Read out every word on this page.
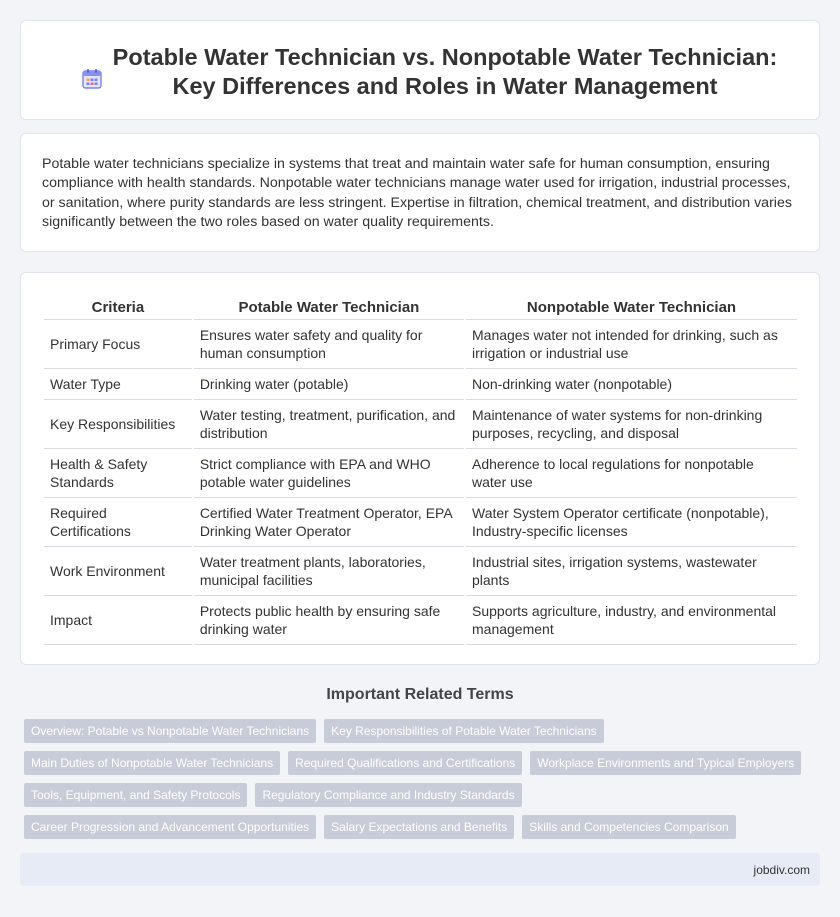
Potable Water Technician vs. Nonpotable Water Technician: Key Differences and Roles in Water Management

Potable water technicians specialize in systems that treat and maintain water safe for human consumption, ensuring compliance with health standards. Nonpotable water technicians manage water used for irrigation, industrial processes, or sanitation, where purity standards are less stringent. Expertise in filtration, chemical treatment, and distribution varies significantly between the two roles based on water quality requirements.

Criteria	Potable Water Technician	Nonpotable Water Technician
Primary Focus	Ensures water safety and quality for human consumption	Manages water not intended for drinking, such as irrigation or industrial use
Water Type	Drinking water (potable)	Non-drinking water (nonpotable)
Key Responsibilities	Water testing, treatment, purification, and distribution	Maintenance of water systems for non-drinking purposes, recycling, and disposal
Health & Safety Standards	Strict compliance with EPA and WHO potable water guidelines	Adherence to local regulations for nonpotable water use
Required Certifications	Certified Water Treatment Operator, EPA Drinking Water Operator	Water System Operator certificate (nonpotable), Industry-specific licenses
Work Environment	Water treatment plants, laboratories, municipal facilities	Industrial sites, irrigation systems, wastewater plants
Impact	Protects public health by ensuring safe drinking water	Supports agriculture, industry, and environmental management
Important Related Terms
Overview: Potable vs Nonpotable Water Technicians	Key Responsibilities of Potable Water Technicians
Main Duties of Nonpotable Water Technicians	Required Qualifications and Certifications	Workplace Environments and Typical Employers
Tools, Equipment, and Safety Protocols	Regulatory Compliance and Industry Standards
Career Progression and Advancement Opportunities	Salary Expectations and Benefits	Skills and Competencies Comparison
jobdiv.com
